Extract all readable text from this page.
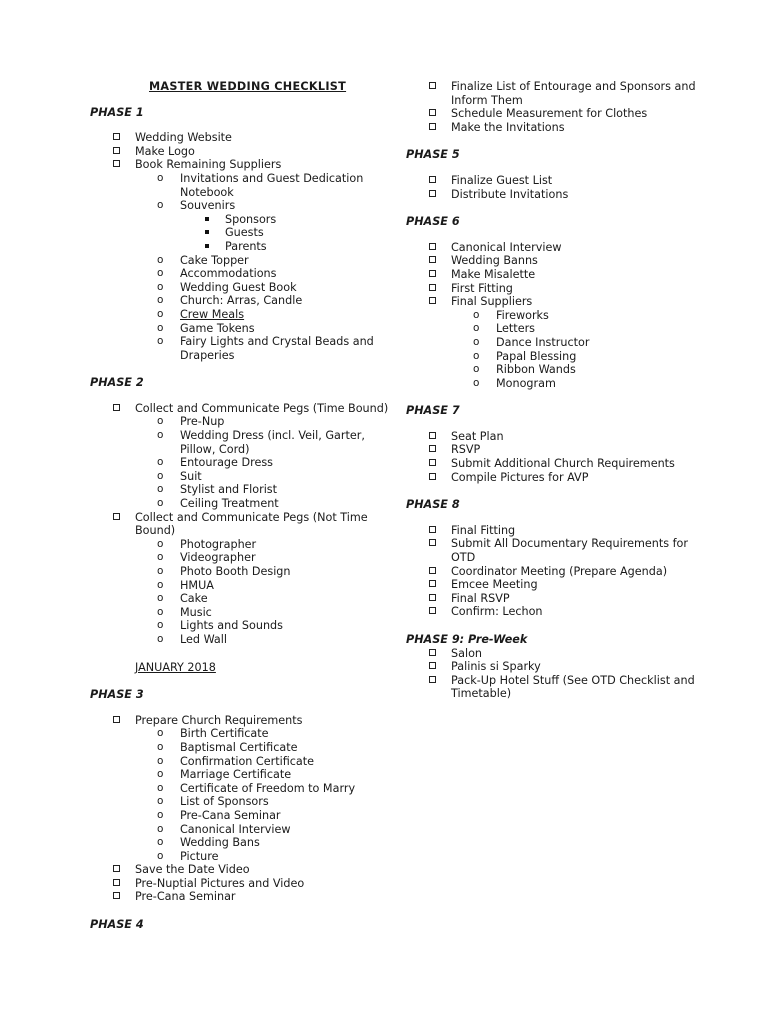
MASTER WEDDING CHECKLIST
PHASE 1
Wedding Website
Make Logo
Book Remaining Suppliers
o Invitations and Guest Dedication Notebook
o Souvenirs
Sponsors
Guests
Parents
o Cake Topper
o Accommodations
o Wedding Guest Book
o Church: Arras, Candle
o Crew Meals
o Game Tokens
o Fairy Lights and Crystal Beads and Draperies
PHASE 2
Collect and Communicate Pegs (Time Bound)
o Pre-Nup
o Wedding Dress (incl. Veil, Garter, Pillow, Cord)
o Entourage Dress
o Suit
o Stylist and Florist
o Ceiling Treatment
Collect and Communicate Pegs (Not Time Bound)
o Photographer
o Videographer
o Photo Booth Design
o HMUA
o Cake
o Music
o Lights and Sounds
o Led Wall
JANUARY 2018
PHASE 3
Prepare Church Requirements
o Birth Certificate
o Baptismal Certificate
o Confirmation Certificate
o Marriage Certificate
o Certificate of Freedom to Marry
o List of Sponsors
o Pre-Cana Seminar
o Canonical Interview
o Wedding Bans
o Picture
Save the Date Video
Pre-Nuptial Pictures and Video
Pre-Cana Seminar
PHASE 4
Finalize List of Entourage and Sponsors and Inform Them
Schedule Measurement for Clothes
Make the Invitations
PHASE 5
Finalize Guest List
Distribute Invitations
PHASE 6
Canonical Interview
Wedding Banns
Make Misalette
First Fitting
Final Suppliers
o Fireworks
o Letters
o Dance Instructor
o Papal Blessing
o Ribbon Wands
o Monogram
PHASE 7
Seat Plan
RSVP
Submit Additional Church Requirements
Compile Pictures for AVP
PHASE 8
Final Fitting
Submit All Documentary Requirements for OTD
Coordinator Meeting (Prepare Agenda)
Emcee Meeting
Final RSVP
Confirm: Lechon
PHASE 9: Pre-Week
Salon
Palinis si Sparky
Pack-Up Hotel Stuff (See OTD Checklist and Timetable)
